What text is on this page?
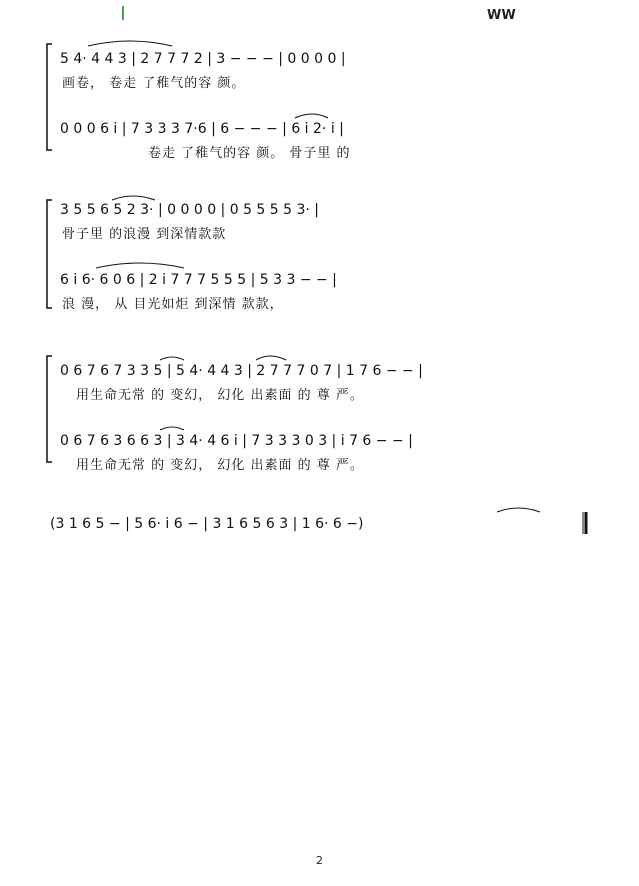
WW
5 4· 4 4 3 | 2 7 7 7 2 | 3 − − − | 0 0 0 0 |
画卷， 卷走 了稚气的容 颜。
0 0 0 6 i | 7 3 3 3 7·6 | 6 − − − | 6 i 2· i |
卷走 了稚气的容 颜。 骨子里 的
3 5 5 6 5 2 3· | 0 0 0 0 | 0 5 5 5 5 3· |
骨子里 的浪漫 到深情款款
6 i 6· 6 0 6 | 2 i 7 7 7 5 5 5 | 5 3 3 − − |
浪 漫， 从 目光如炬 到深情 款款，
0 6 7 6 7 3 3 5 | 5 4· 4 4 3 | 2 7 7 7 0 7 | 1 7 6 − − |
用生命无常 的 变幻， 幻化 出素面 的 尊 严。
0 6 7 6 3 6 6 3 | 3 4· 4 6 i | 7 3 3 3 0 3 | i 7 6 − − |
用生命无常 的 变幻， 幻化 出素面 的 尊 严。
(3 1 6 5 − | 5 6· i 6 − | 3 1 6 5 6 3 | 1 6· 6 −)
2
